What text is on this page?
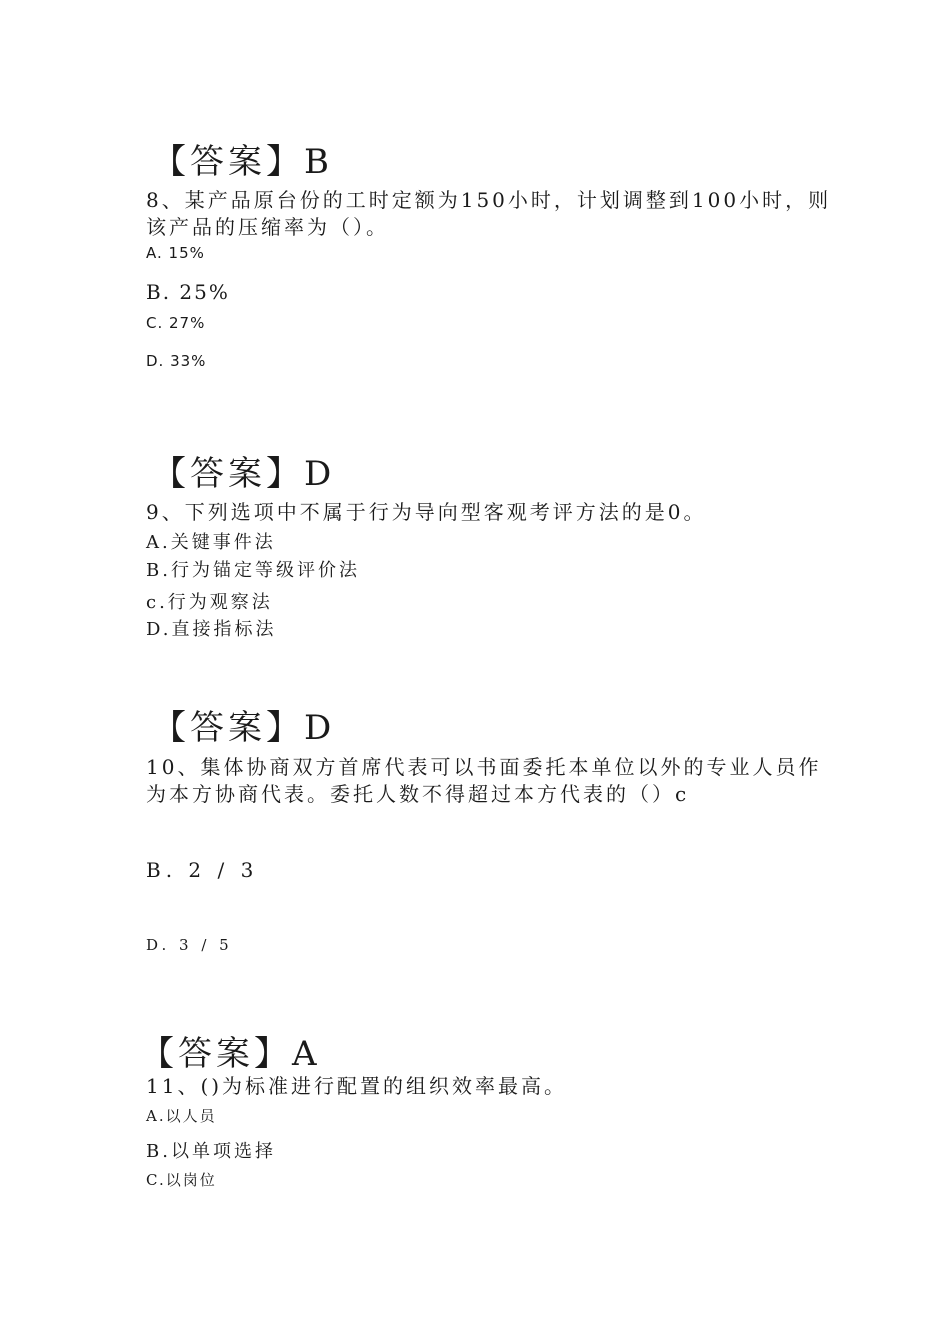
【答案】B
8、某产品原台份的工时定额为150小时，计划调整到100小时，则
该产品的压缩率为（）。
A. 15%
B. 25%
C. 27%
D. 33%
【答案】D
9、下列选项中不属于行为导向型客观考评方法的是0。
A.关键事件法
B.行为锚定等级评价法
c.行为观察法
D.直接指标法
【答案】D
10、集体协商双方首席代表可以书面委托本单位以外的专业人员作
为本方协商代表。委托人数不得超过本方代表的（）c
B. 2 / 3
D. 3 / 5
【答案】A
11、()为标准进行配置的组织效率最高。
A.以人员
B.以单项选择
C.以岗位
